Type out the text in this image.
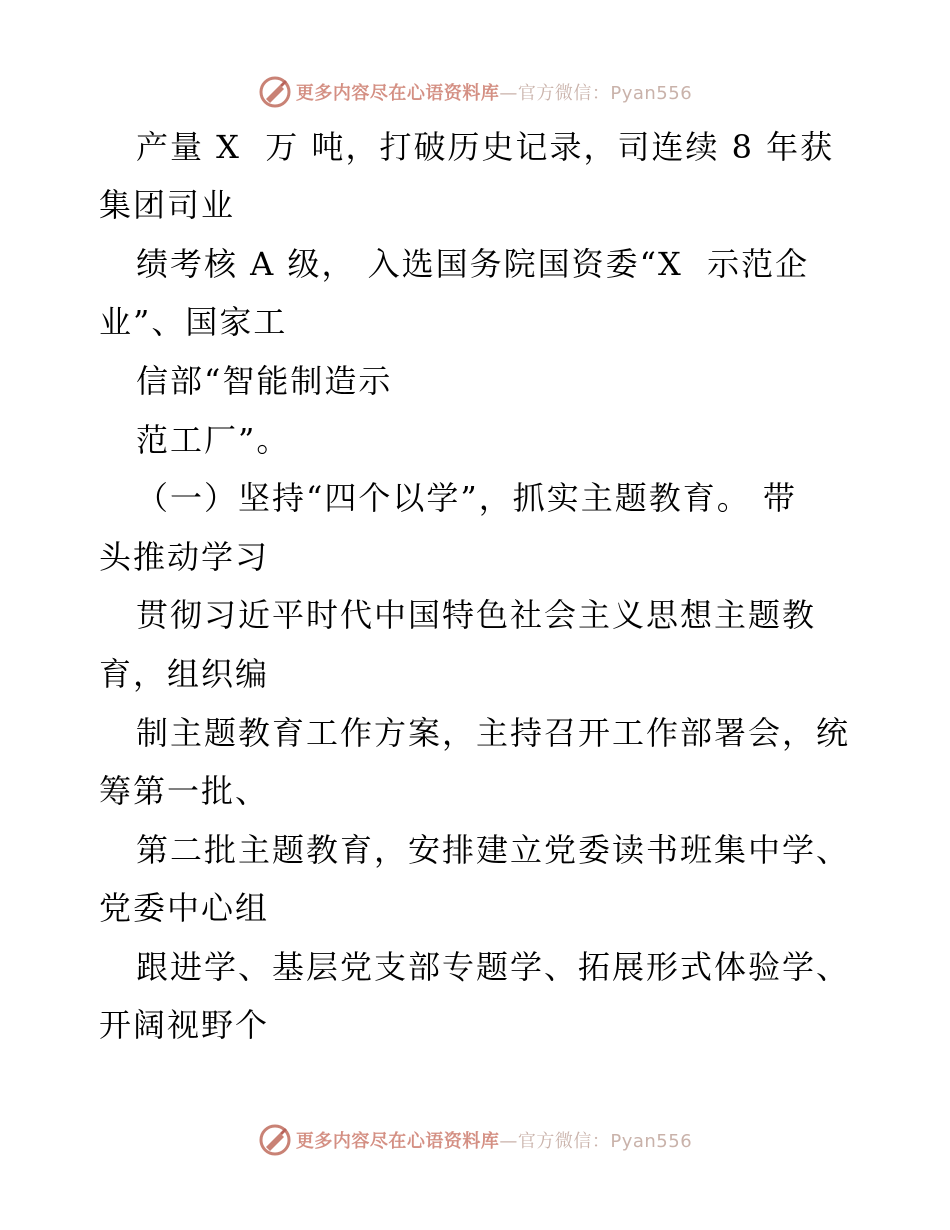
更多内容尽在心语资料库—官方微信：Pyan556
产量 X  万 吨，打破历史记录，司连续 8 年获
集团司业
绩考核 A 级， 入选国务院国资委“X  示范企
业”、国家工
信部“智能制造示
范工厂”。
（一）坚持“四个以学”，抓实主题教育。 带
头推动学习
贯彻习近平时代中国特色社会主义思想主题教
育，组织编
制主题教育工作方案，主持召开工作部署会，统
筹第一批、
第二批主题教育，安排建立党委读书班集中学、
党委中心组
跟进学、基层党支部专题学、拓展形式体验学、
开阔视野个
更多内容尽在心语资料库—官方微信：Pyan556
